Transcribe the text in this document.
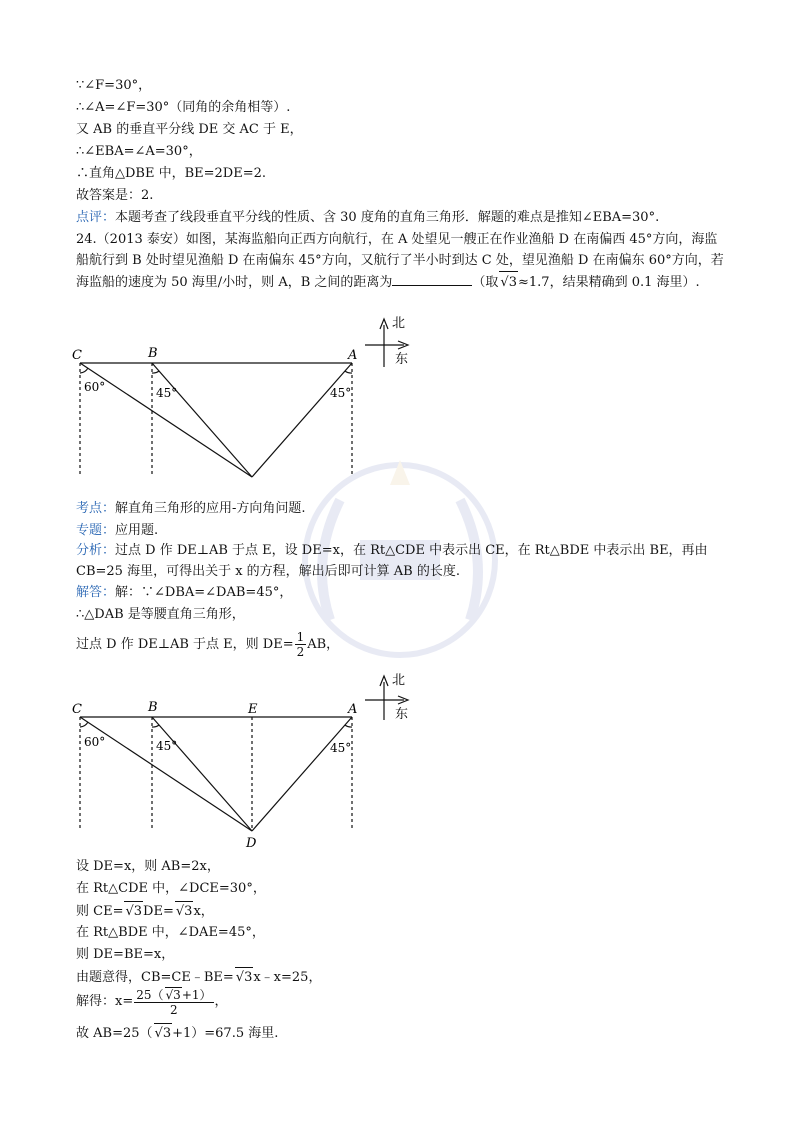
∵∠F=30°，
∴∠A=∠F=30°（同角的余角相等）.
又 AB 的垂直平分线 DE 交 AC 于 E，
∴∠EBA=∠A=30°，
∴直角△DBE 中，BE=2DE=2.
故答案是：2.
点评：本题考查了线段垂直平分线的性质、含 30 度角的直角三角形．解题的难点是推知∠EBA=30°.
24.（2013 泰安）如图，某海监船向正西方向航行，在 A 处望见一艘正在作业渔船 D 在南偏西 45°方向，海监船航行到 B 处时望见渔船 D 在南偏东 45°方向，又航行了半小时到达 C 处，望见渔船 D 在南偏东 60°方向，若海监船的速度为 50 海里/小时，则 A，B 之间的距离为	（取 √3≈1.7，结果精确到 0.1 海里）.
C	B	A
北
东
60°	45°	45°
考点：解直角三角形的应用-方向角问题.
专题：应用题.
分析：过点 D 作 DE⊥AB 于点 E，设 DE=x，在 Rt△CDE 中表示出 CE，在 Rt△BDE 中表示出 BE，再由 CB=25 海里，可得出关于 x 的方程，解出后即可计算 AB 的长度.
解答：解：∵∠DBA=∠DAB=45°，
∴△DAB 是等腰直角三角形，
过点 D 作 DE⊥AB 于点 E，则 $DE= \frac{1}{2}$ AB，
C	B	E	A
D
北
东
60°	45°	45°
设 DE=x，则 AB=2x，
在 Rt△CDE 中，∠DCE=30°，
则 CE= √3DE= √3x，
在 Rt△BDE 中，∠DAE=45°，
则 DE=BE=x，
由题意得，CB=CE﹣BE= √3x﹣x=25，
解得：$x= \frac{25( √3+1)}{2}$ ，
故 AB=25（ √3+1）=67.5 海里.
